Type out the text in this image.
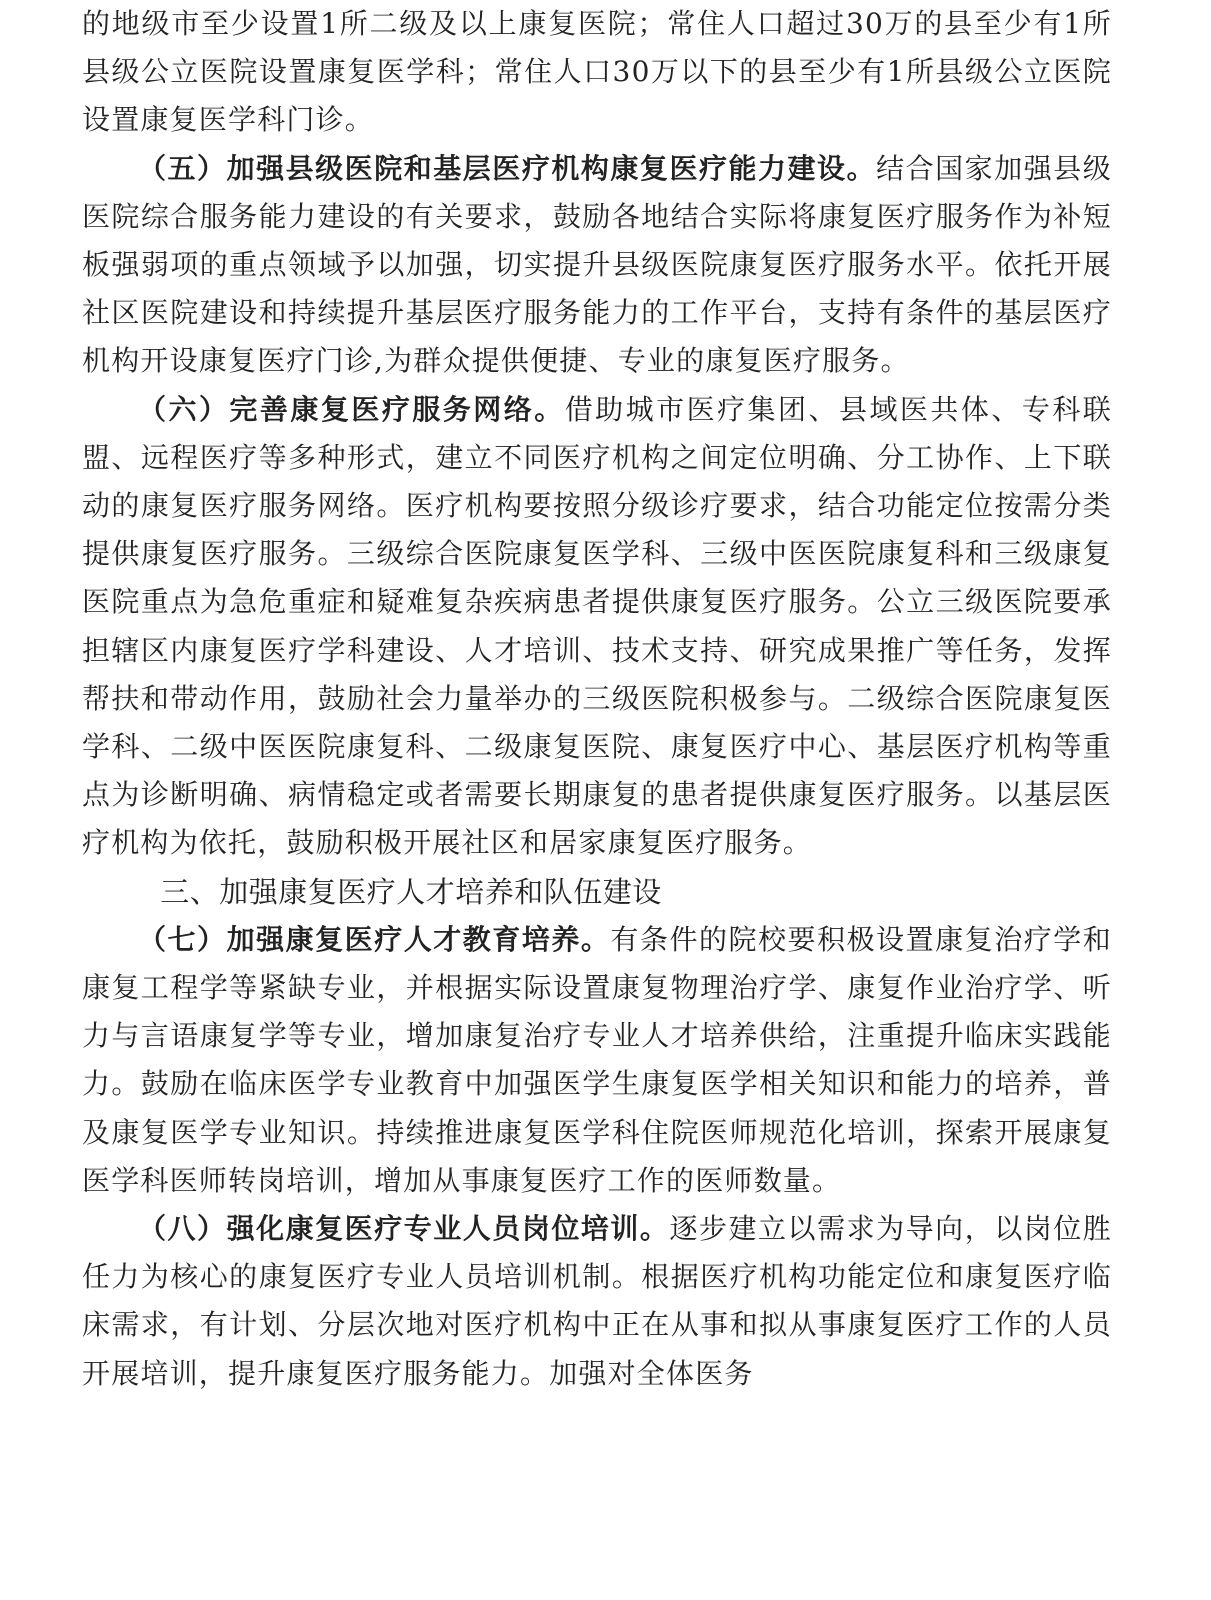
的地级市至少设置1所二级及以上康复医院；常住人口超过30万的县至少有1所县级公立医院设置康复医学科；常住人口30万以下的县至少有1所县级公立医院设置康复医学科门诊。

（五）加强县级医院和基层医疗机构康复医疗能力建设。结合国家加强县级医院综合服务能力建设的有关要求，鼓励各地结合实际将康复医疗服务作为补短板强弱项的重点领域予以加强，切实提升县级医院康复医疗服务水平。依托开展社区医院建设和持续提升基层医疗服务能力的工作平台，支持有条件的基层医疗机构开设康复医疗门诊,为群众提供便捷、专业的康复医疗服务。

（六）完善康复医疗服务网络。借助城市医疗集团、县域医共体、专科联盟、远程医疗等多种形式，建立不同医疗机构之间定位明确、分工协作、上下联动的康复医疗服务网络。医疗机构要按照分级诊疗要求，结合功能定位按需分类提供康复医疗服务。三级综合医院康复医学科、三级中医医院康复科和三级康复医院重点为急危重症和疑难复杂疾病患者提供康复医疗服务。公立三级医院要承担辖区内康复医疗学科建设、人才培训、技术支持、研究成果推广等任务，发挥帮扶和带动作用，鼓励社会力量举办的三级医院积极参与。二级综合医院康复医学科、二级中医医院康复科、二级康复医院、康复医疗中心、基层医疗机构等重点为诊断明确、病情稳定或者需要长期康复的患者提供康复医疗服务。以基层医疗机构为依托，鼓励积极开展社区和居家康复医疗服务。

三、加强康复医疗人才培养和队伍建设

（七）加强康复医疗人才教育培养。有条件的院校要积极设置康复治疗学和康复工程学等紧缺专业，并根据实际设置康复物理治疗学、康复作业治疗学、听力与言语康复学等专业，增加康复治疗专业人才培养供给，注重提升临床实践能力。鼓励在临床医学专业教育中加强医学生康复医学相关知识和能力的培养，普及康复医学专业知识。持续推进康复医学科住院医师规范化培训，探索开展康复医学科医师转岗培训，增加从事康复医疗工作的医师数量。

（八）强化康复医疗专业人员岗位培训。逐步建立以需求为导向，以岗位胜任力为核心的康复医疗专业人员培训机制。根据医疗机构功能定位和康复医疗临床需求，有计划、分层次地对医疗机构中正在从事和拟从事康复医疗工作的人员开展培训，提升康复医疗服务能力。加强对全体医务
